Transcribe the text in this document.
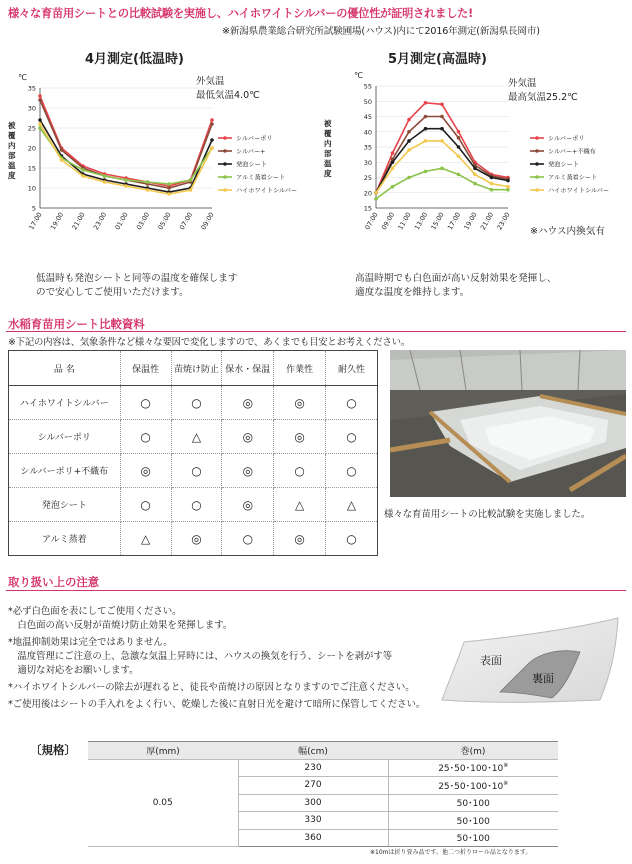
様々な育苗用シートとの比較試験を実施し、ハイホワイトシルバーの優位性が証明されました!
※新潟県農業総合研究所試験圃場(ハウス)内にて2016年測定(新潟県長岡市)
4月測定(低温時)	5月測定(高温時)
℃
被
覆
内
部
温
度
5
10
15
20
25
30
35
17:00 19:00 21:00 23:00 01:00 03:00 05:00 07:00 09:00
シルバーポリ
シルバー+
発泡シート
アルミ蒸着シート
ハイホワイトシルバー
外気温
最低気温4.0℃
℃
被
覆
内
部
温
度
15
20
25
30
35
40
45
50
55
07:00 09:00 11:00 13:00 15:00 17:00 19:00 21:00 23:00
シルバーポリ
シルバー+不織布
発泡シート
アルミ蒸着シート
ハイホワイトシルバー
外気温
最高気温25.2℃
低温時も発泡シートと同等の温度を確保します
ので安心してご使用いただけます。
高温時期でも白色面が高い反射効果を発揮し、
適度な温度を維持します。
※ハウス内換気有
水稲育苗用シート比較資料
※下記の内容は、気象条件など様々な要因で変化しますので、あくまでも目安とお考えください。
品 名	保温性	苗焼け防止	保水・保温	作業性	耐久性
ハイホワイトシルバー	○	○	◎	◎	○
シルバーポリ	○	△	◎	◎	○
シルバーポリ+不織布	◎	○	◎	○	○
発泡シート	○	○	◎	△	△
アルミ蒸着	△	◎	○	◎	○
様々な育苗用シートの比較試験を実施しました。
取り扱い上の注意
*必ず白色面を表にしてご使用ください。
　白色面の高い反射が苗焼け防止効果を発揮します。
*地温抑制効果は完全ではありません。
　温度管理にご注意の上、急激な気温上昇時には、ハウスの換気を行う、シートを剥がす等
　適切な対応をお願いします。
*ハイホワイトシルバーの除去が遅れると、徒長や苗焼けの原因となりますのでご注意ください。
*ご使用後はシートの手入れをよく行い、乾燥した後に直射日光を避けて暗所に保管してください。
表面
裏面
〔規格〕	厚(mm)	幅(cm)	巻(m)
0.05	230	25･50･100･10※
	270	25･50･100･10※
	300	50･100
	330	50･100
	360	50･100
※10mは折り畳み品です。他二つ折りロール品となります。
